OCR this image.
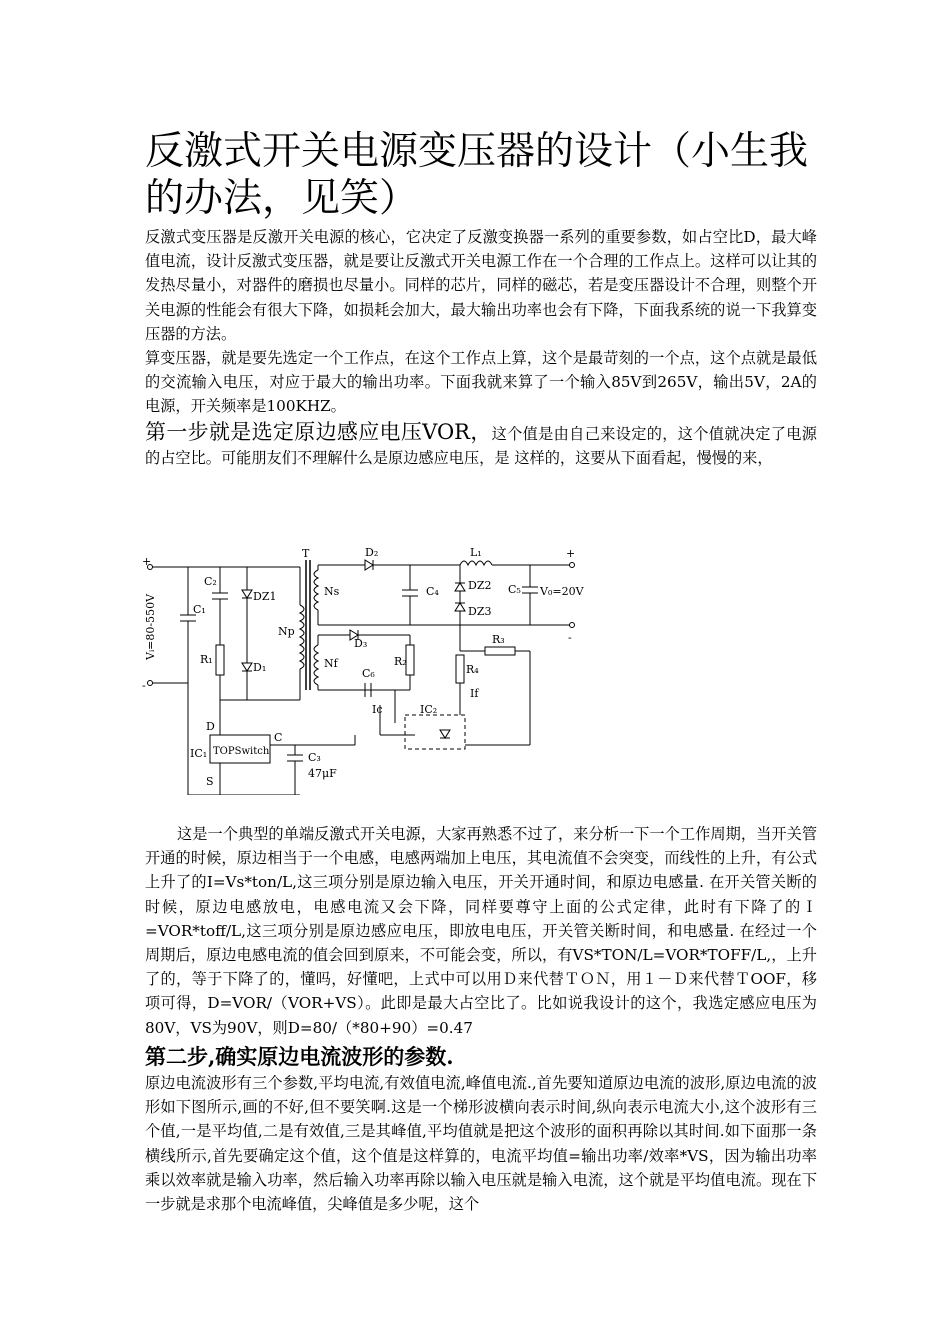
反激式开关电源变压器的设计（小生我的办法，见笑）

反激式变压器是反激开关电源的核心，它决定了反激变换器一系列的重要参数，如占空比D，最大峰值电流，设计反激式变压器，就是要让反激式开关电源工作在一个合理的工作点上。这样可以让其的发热尽量小，对器件的磨损也尽量小。同样的芯片，同样的磁芯，若是变压器设计不合理，则整个开关电源的性能会有很大下降，如损耗会加大，最大输出功率也会有下降，下面我系统的说一下我算变压器的方法。

算变压器，就是要先选定一个工作点，在这个工作点上算，这个是最苛刻的一个点，这个点就是最低的交流输入电压，对应于最大的输出功率。下面我就来算了一个输入85V到265V，输出5V，2A的电源，开关频率是100KHZ。

第一步就是选定原边感应电压VOR，这个值是由自己来设定的，这个值就决定了电源的占空比。可能朋友们不理解什么是原边感应电压，是 这样的，这要从下面看起，慢慢的来，

+
-
Vᵢ=80-550V	C₁
C₂
R₁
DZ1
D₁
Np
T
Ns
Nf
D₂
C₄
L₁
DZ2
DZ3
C₅ V₀=20V
+
-
D₃
R₂
C₆
R₃
R₄
If
Ic	IC₂
D
C
S
IC₁ TOPSwitch	C₃
47μF

这是一个典型的单端反激式开关电源，大家再熟悉不过了，来分析一下一个工作周期，当开关管开通的时候，原边相当于一个电感，电感两端加上电压，其电流值不会突变，而线性的上升，有公式上升了的I=Vs*ton/L,这三项分别是原边输入电压，开关开通时间，和原边电感量. 在开关管关断的时候，原边电感放电，电感电流又会下降，同样要尊守上面的公式定律，此时有下降了的Ｉ=VOR*toff/L,这三项分别是原边感应电压，即放电电压，开关管关断时间，和电感量. 在经过一个周期后，原边电感电流的值会回到原来，不可能会变，所以，有VS*TON/L=VOR*TOFF/L,，上升了的，等于下降了的，懂吗，好懂吧，上式中可以用Ｄ来代替ＴＯＮ，用１－Ｄ来代替ＴOOF，移项可得，D=VOR/（VOR+VS）。此即是最大占空比了。比如说我设计的这个，我选定感应电压为80V，VS为90V，则D=80/（*80+90）=0.47

第二步,确实原边电流波形的参数.

原边电流波形有三个参数,平均电流,有效值电流,峰值电流.,首先要知道原边电流的波形,原边电流的波形如下图所示,画的不好,但不要笑啊.这是一个梯形波横向表示时间,纵向表示电流大小,这个波形有三个值,一是平均值,二是有效值,三是其峰值,平均值就是把这个波形的面积再除以其时间.如下面那一条横线所示,首先要确定这个值，这个值是这样算的，电流平均值=输出功率/效率*VS，因为输出功率乘以效率就是输入功率，然后输入功率再除以输入电压就是输入电流，这个就是平均值电流。现在下一步就是求那个电流峰值，尖峰值是多少呢，这个
